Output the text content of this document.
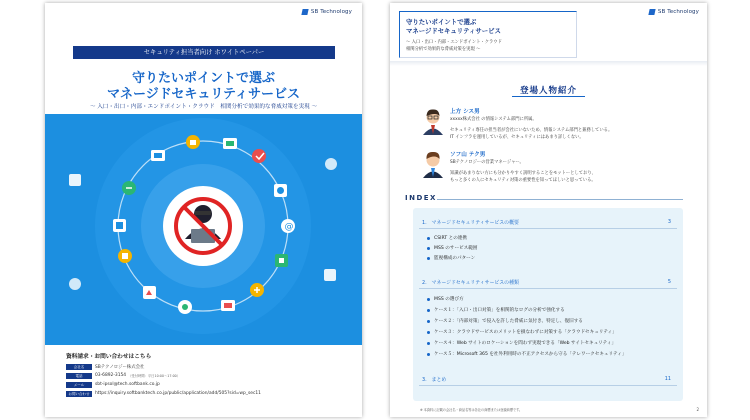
SB Technology
セキュリティ担当者向け ホワイトペーパー
守りたいポイントで選ぶ
マネージドセキュリティサービス
〜 入口・出口・内部・エンドポイント・クラウド　相関分析で効果的な脅威対策を実現 〜
@
資料請求・お問い合わせはこちら
会社名	SBテクノロジー株式会社
電話	03-6892-3154 （受付時間：平日10:00〜17:00）
メール	sbt-ipsol@tech.softbank.co.jp
お問い合わせ	https://inquiry.softbanktech.co.jp/public/application/add/505?sid=wp_sec11
SB Technology
守りたいポイントで選ぶ
マネージドセキュリティサービス
〜 入口・出口・内部・エンドポイント・クラウド
相関分析で効果的な脅威対策を実現 〜
登場人物紹介
上方 シス男
xxxxx株式会社 の情報システム部門に所属。
セキュリティ専任の担当者が会社にいないため、情報システム部門と兼務している。
IT インフラを運用しているが、セキュリティにはあまり詳しくない。
ソフ山 テク男
SBテクノロジーの営業マネージャー。
知識があまりない方にも分かりやすく説明することをモットーとしており、
もっと多くの人にセキュリティ対策の重要性を知ってほしいと思っている。
INDEX
1.　マネージドセキュリティサービスの概要	3
CSIRT との連携
MSS のサービス範囲
監視構成のパターン
2.　マネージドセキュリティサービスの種類	5
MSS の選び方
ケース１：「入口・出口対策」を相関的なログの分析で強化する
ケース２：「内部対策」で侵入を許した脅威に気付き、特定し、復旧する
ケース３：クラウドサービスのメリットを損なわずに対策する「クラウドセキュリティ」
ケース４：Web サイトのロケーションを問わず実現できる「Web サイトセキュリティ」
ケース５：Microsoft 365 を社外利用時の不正アクセスから守る「テレワークセキュリティ」
3.　まとめ	11
※ 本資料に記載の会社名・商品名等は各社の商標または登録商標です。	2
